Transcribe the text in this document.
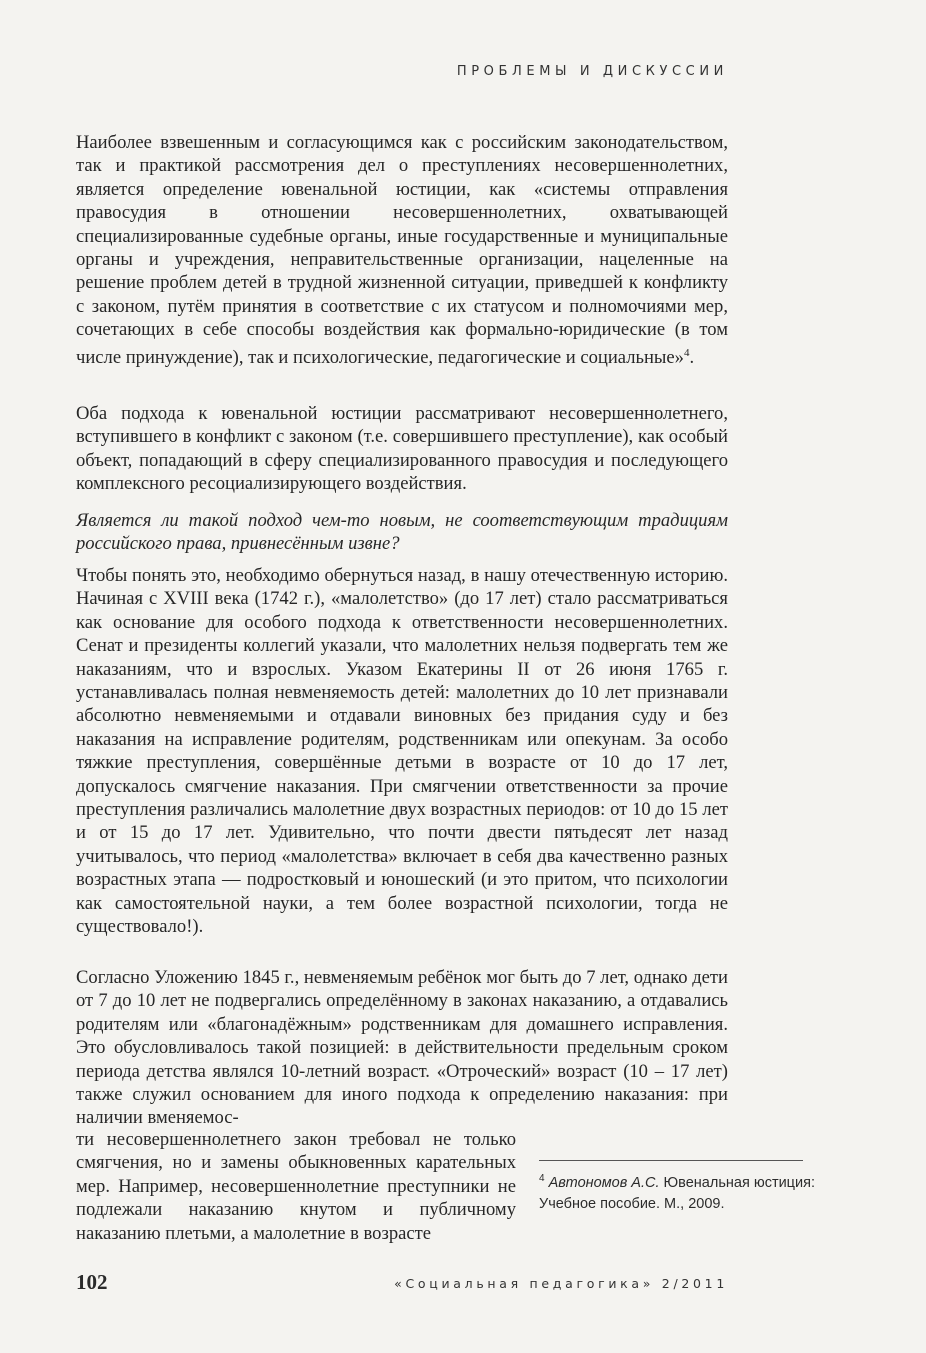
ПРОБЛЕМЫ И ДИСКУССИИ

Наиболее взвешенным и согласующимся как с российским законодательством, так и практикой рассмотрения дел о преступлениях несовершеннолетних, является определение ювенальной юстиции, как «системы отправления правосудия в отношении несовершеннолетних, охватывающей специализированные судебные органы, иные государственные и муниципальные органы и учреждения, неправительственные организации, нацеленные на решение проблем детей в трудной жизненной ситуации, приведшей к конфликту с законом, путём принятия в соответствие с их статусом и полномочиями мер, сочетающих в себе способы воздействия как формально-юридические (в том числе принуждение), так и психологические, педагогические и социальные»$^4$.

Оба подхода к ювенальной юстиции рассматривают несовершеннолетнего, вступившего в конфликт с законом (т.е. совершившего преступление), как особый объект, попадающий в сферу специализированного правосудия и последующего комплексного ресоциализирующего воздействия.

Является ли такой подход чем-то новым, не соответствующим традициям российского права, привнесённым извне?

Чтобы понять это, необходимо обернуться назад, в нашу отечественную историю. Начиная с XVIII века (1742 г.), «малолетство» (до 17 лет) стало рассматриваться как основание для особого подхода к ответственности несовершеннолетних. Сенат и президенты коллегий указали, что малолетних нельзя подвергать тем же наказаниям, что и взрослых. Указом Екатерины II от 26 июня 1765 г. устанавливалась полная невменяемость детей: малолетних до 10 лет признавали абсолютно невменяемыми и отдавали виновных без придания суду и без наказания на исправление родителям, родственникам или опекунам. За особо тяжкие преступления, совершённые детьми в возрасте от 10 до 17 лет, допускалось смягчение наказания. При смягчении ответственности за прочие преступления различались малолетние двух возрастных периодов: от 10 до 15 лет и от 15 до 17 лет. Удивительно, что почти двести пятьдесят лет назад учитывалось, что период «малолетства» включает в себя два качественно разных возрастных этапа — подростковый и юношеский (и это притом, что психологии как самостоятельной науки, а тем более возрастной психологии, тогда не существовало!).

Согласно Уложению 1845 г., невменяемым ребёнок мог быть до 7 лет, однако дети от 7 до 10 лет не подвергались определённому в законах наказанию, а отдавались родителям или «благонадёжным» родственникам для домашнего исправления. Это обусловливалось такой позицией: в действительности предельным сроком периода детства являлся 10-летний возраст. «Отроческий» возраст (10 – 17 лет) также служил основанием для иного подхода к определению наказания: при наличии вменяемос-

ти несовершеннолетнего закон требовал не только смягчения, но и замены обыкновенных карательных мер. Например, несовершеннолетние преступники не подлежали наказанию кнутом и публичному наказанию плетьми, а малолетние в возрасте

$^4$ Автономов А.С. Ювенальная юстиция: Учебное пособие. М., 2009.
102	«Социальная педагогика» 2/2011
